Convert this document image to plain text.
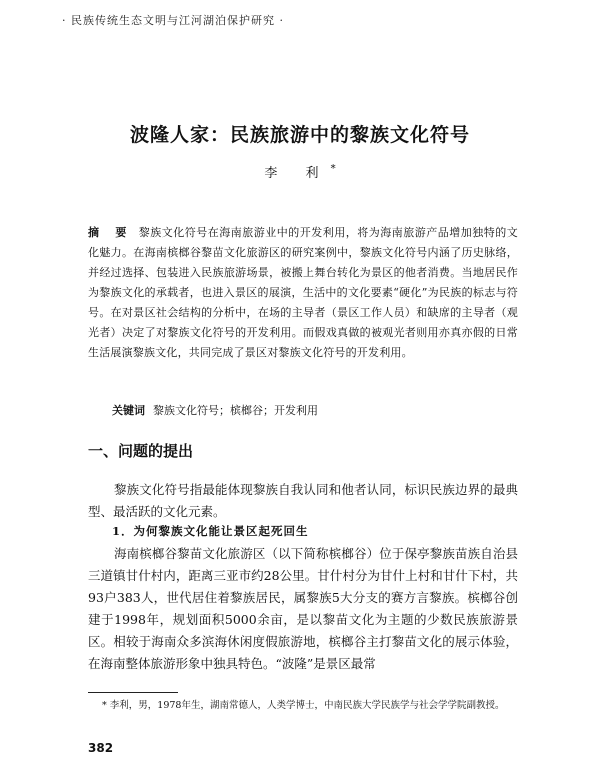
· 民族传统生态文明与江河湖泊保护研究 ·
波隆人家：民族旅游中的黎族文化符号
李 利*
摘 要 黎族文化符号在海南旅游业中的开发利用，将为海南旅游产品增加独特的文化魅力。在海南槟榔谷黎苗文化旅游区的研究案例中，黎族文化符号内涵了历史脉络，并经过选择、包装进入民族旅游场景，被搬上舞台转化为景区的他者消费。当地居民作为黎族文化的承载者，也进入景区的展演，生活中的文化要素“硬化”为民族的标志与符号。在对景区社会结构的分析中，在场的主导者（景区工作人员）和缺席的主导者（观光者）决定了对黎族文化符号的开发利用。而假戏真做的被观光者则用亦真亦假的日常生活展演黎族文化，共同完成了景区对黎族文化符号的开发利用。
关键词 黎族文化符号；槟榔谷；开发利用
一、问题的提出
黎族文化符号指最能体现黎族自我认同和他者认同，标识民族边界的最典型、最活跃的文化元素。
1．为何黎族文化能让景区起死回生
海南槟榔谷黎苗文化旅游区（以下简称槟榔谷）位于保亭黎族苗族自治县三道镇甘什村内，距离三亚市约28公里。甘什村分为甘什上村和甘什下村，共93户383人，世代居住着黎族居民，属黎族5大分支的赛方言黎族。槟榔谷创建于1998年，规划面积5000余亩，是以黎苗文化为主题的少数民族旅游景区。相较于海南众多滨海休闲度假旅游地，槟榔谷主打黎苗文化的展示体验，在海南整体旅游形象中独具特色。“波隆”是景区最常
* 李利，男，1978年生，湖南常德人，人类学博士，中南民族大学民族学与社会学学院副教授。
382
